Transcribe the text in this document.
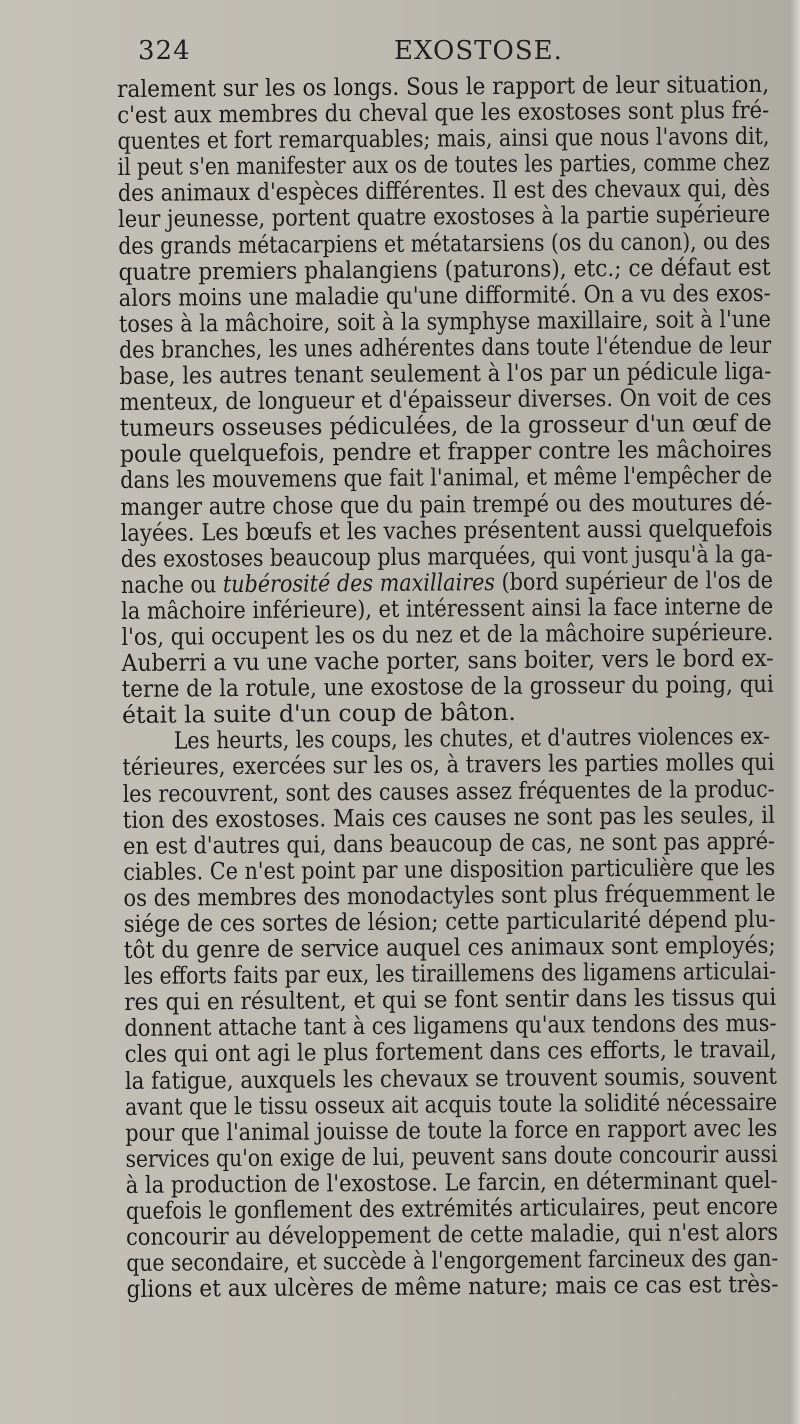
324	EXOSTOSE.

ralement sur les os longs. Sous le rapport de leur situation,
c'est aux membres du cheval que les exostoses sont plus fré-
quentes et fort remarquables; mais, ainsi que nous l'avons dit,
il peut s'en manifester aux os de toutes les parties, comme chez
des animaux d'espèces différentes. Il est des chevaux qui, dès
leur jeunesse, portent quatre exostoses à la partie supérieure
des grands métacarpiens et métatarsiens (os du canon), ou des
quatre premiers phalangiens (paturons), etc.; ce défaut est
alors moins une maladie qu'une difformité. On a vu des exos-
toses à la mâchoire, soit à la symphyse maxillaire, soit à l'une
des branches, les unes adhérentes dans toute l'étendue de leur
base, les autres tenant seulement à l'os par un pédicule liga-
menteux, de longueur et d'épaisseur diverses. On voit de ces
tumeurs osseuses pédiculées, de la grosseur d'un œuf de
poule quelquefois, pendre et frapper contre les mâchoires
dans les mouvemens que fait l'animal, et même l'empêcher de
manger autre chose que du pain trempé ou des moutures dé-
layées. Les bœufs et les vaches présentent aussi quelquefois
des exostoses beaucoup plus marquées, qui vont jusqu'à la ga-
nache ou tubérosité des maxillaires (bord supérieur de l'os de
la mâchoire inférieure), et intéressent ainsi la face interne de
l'os, qui occupent les os du nez et de la mâchoire supérieure.
Auberri a vu une vache porter, sans boiter, vers le bord ex-
terne de la rotule, une exostose de la grosseur du poing, qui
était la suite d'un coup de bâton.

Les heurts, les coups, les chutes, et d'autres violences ex-
térieures, exercées sur les os, à travers les parties molles qui
les recouvrent, sont des causes assez fréquentes de la produc-
tion des exostoses. Mais ces causes ne sont pas les seules, il
en est d'autres qui, dans beaucoup de cas, ne sont pas appré-
ciables. Ce n'est point par une disposition particulière que les
os des membres des monodactyles sont plus fréquemment le
siége de ces sortes de lésion; cette particularité dépend plu-
tôt du genre de service auquel ces animaux sont employés;
les efforts faits par eux, les tiraillemens des ligamens articulai-
res qui en résultent, et qui se font sentir dans les tissus qui
donnent attache tant à ces ligamens qu'aux tendons des mus-
cles qui ont agi le plus fortement dans ces efforts, le travail,
la fatigue, auxquels les chevaux se trouvent soumis, souvent
avant que le tissu osseux ait acquis toute la solidité nécessaire
pour que l'animal jouisse de toute la force en rapport avec les
services qu'on exige de lui, peuvent sans doute concourir aussi
à la production de l'exostose. Le farcin, en déterminant quel-
quefois le gonflement des extrémités articulaires, peut encore
concourir au développement de cette maladie, qui n'est alors
que secondaire, et succède à l'engorgement farcineux des gan-
glions et aux ulcères de même nature; mais ce cas est très-
